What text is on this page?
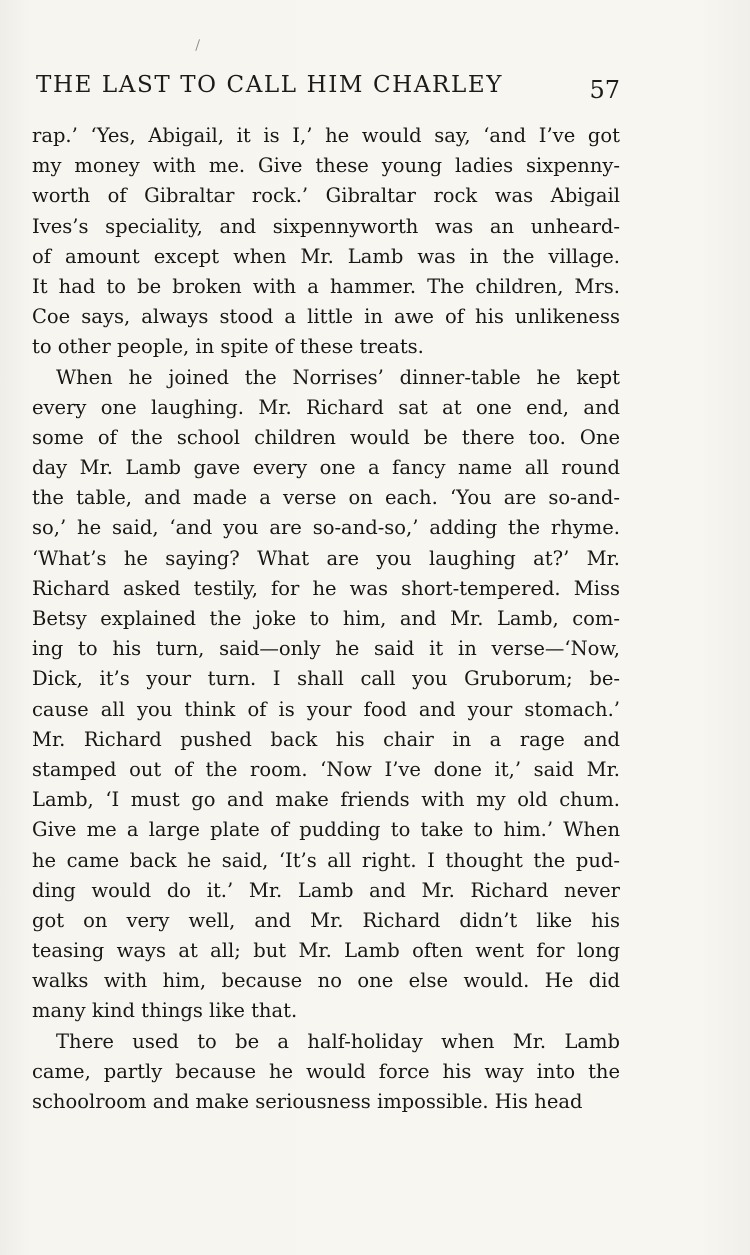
THE LAST TO CALL HIM CHARLEY	57
rap.’ ‘Yes, Abigail, it is I,’ he would say, ‘and I’ve got
my money with me. Give these young ladies sixpenny-
worth of Gibraltar rock.’ Gibraltar rock was Abigail
Ives’s speciality, and sixpennyworth was an unheard-
of amount except when Mr. Lamb was in the village.
It had to be broken with a hammer. The children, Mrs.
Coe says, always stood a little in awe of his unlikeness
to other people, in spite of these treats.
When he joined the Norrises’ dinner-table he kept
every one laughing. Mr. Richard sat at one end, and
some of the school children would be there too. One
day Mr. Lamb gave every one a fancy name all round
the table, and made a verse on each. ‘You are so-and-
so,’ he said, ‘and you are so-and-so,’ adding the rhyme.
‘What’s he saying? What are you laughing at?’ Mr.
Richard asked testily, for he was short-tempered. Miss
Betsy explained the joke to him, and Mr. Lamb, com-
ing to his turn, said—only he said it in verse—‘Now,
Dick, it’s your turn. I shall call you Gruborum; be-
cause all you think of is your food and your stomach.’
Mr. Richard pushed back his chair in a rage and
stamped out of the room. ‘Now I’ve done it,’ said Mr.
Lamb, ‘I must go and make friends with my old chum.
Give me a large plate of pudding to take to him.’ When
he came back he said, ‘It’s all right. I thought the pud-
ding would do it.’ Mr. Lamb and Mr. Richard never
got on very well, and Mr. Richard didn’t like his
teasing ways at all; but Mr. Lamb often went for long
walks with him, because no one else would. He did
many kind things like that.
There used to be a half-holiday when Mr. Lamb
came, partly because he would force his way into the
schoolroom and make seriousness impossible. His head
